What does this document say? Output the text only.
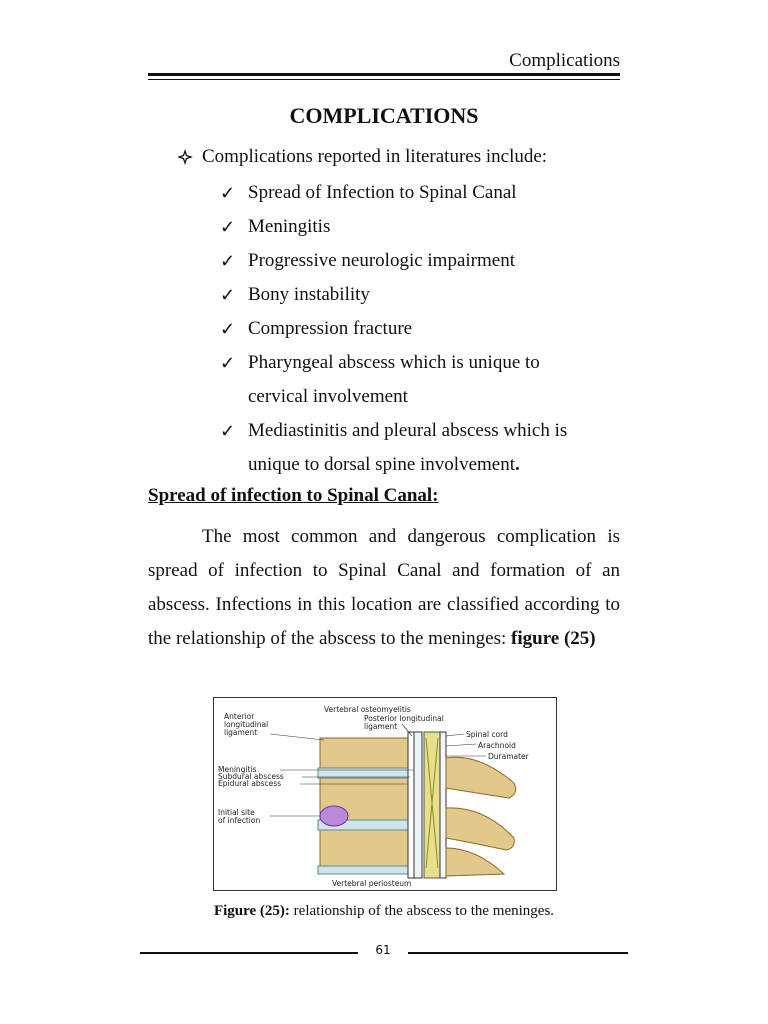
Complications
COMPLICATIONS
Complications reported in literatures include:
✓ Spread of Infection to Spinal Canal
✓ Meningitis
✓ Progressive neurologic impairment
✓ Bony instability
✓ Compression fracture
✓ Pharyngeal abscess which is unique to
cervical involvement
✓ Mediastinitis and pleural abscess which is
unique to dorsal spine involvement .
Spread of infection to Spinal Canal:
The most common and dangerous complication is spread of infection to Spinal Canal and formation of an abscess. Infections in this location are classified according to the relationship of the abscess to the meninges: figure (25)
Vertebral osteomyelitis
Anterior
longitudinal
ligament
Posterior longitudinal
ligament
Spinal cord
Arachnoid
Duramater
Meningitis
Subdural abscess
Epidural abscess
Initial site
of infection
Vertebral periosteum
Figure (25): relationship of the abscess to the meninges.
61
